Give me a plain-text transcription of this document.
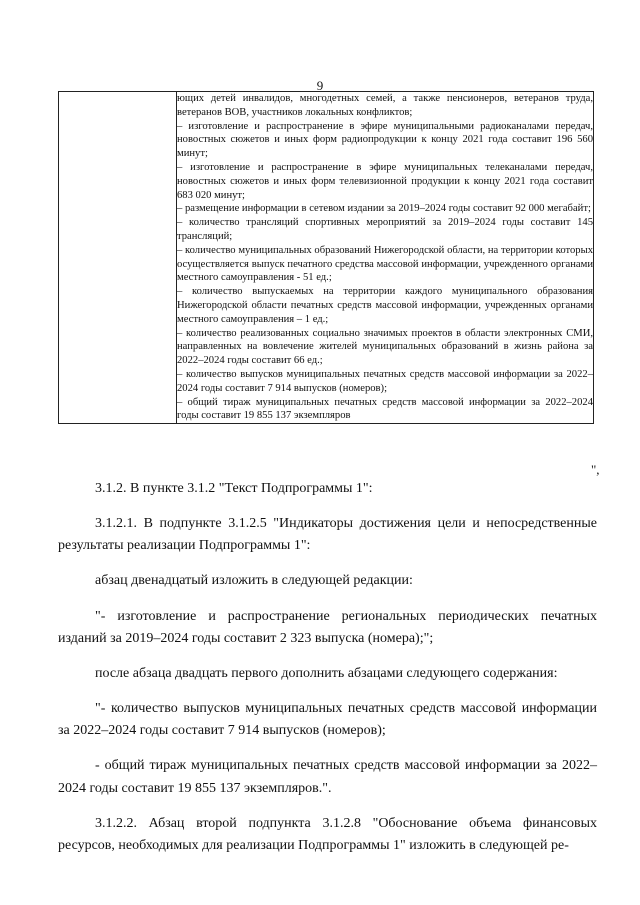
9

ющих детей инвалидов, многодетных семей, а также пенсионеров, ветеранов труда, ветеранов ВОВ, участников локальных конфликтов;
– изготовление и распространение в эфире муниципальными радиоканалами передач, новостных сюжетов и иных форм радиопродукции к концу 2021 года составит 196 560 минут;
– изготовление и распространение в эфире муниципальных телеканалами передач, новостных сюжетов и иных форм телевизионной продукции к концу 2021 года составит 683 020 минут;
– размещение информации в сетевом издании за 2019–2024 годы составит 92 000 мегабайт;
– количество трансляций спортивных мероприятий за 2019–2024 годы составит 145 трансляций;
– количество муниципальных образований Нижегородской области, на территории которых осуществляется выпуск печатного средства массовой информации, учрежденного органами местного самоуправления - 51 ед.;
– количество выпускаемых на территории каждого муниципального образования Нижегородской области печатных средств массовой информации, учрежденных органами местного самоуправления – 1 ед.;
– количество реализованных социально значимых проектов в области электронных СМИ, направленных на вовлечение жителей муниципальных образований в жизнь района за 2022–2024 годы составит 66 ед.;
– количество выпусков муниципальных печатных средств массовой информации за 2022–2024 годы составит 7 914 выпусков (номеров);
– общий тираж муниципальных печатных средств массовой информации за 2022–2024 годы составит 19 855 137 экземпляров
",

3.1.2. В пункте 3.1.2 "Текст Подпрограммы 1":

3.1.2.1. В подпункте 3.1.2.5 "Индикаторы достижения цели и непосредственные результаты реализации Подпрограммы 1":

абзац двенадцатый изложить в следующей редакции:

"- изготовление и распространение региональных периодических печатных изданий за 2019–2024 годы составит 2 323 выпуска (номера);";

после абзаца двадцать первого дополнить абзацами следующего содержания:

"- количество выпусков муниципальных печатных средств массовой информации за 2022–2024 годы составит 7 914 выпусков (номеров);

- общий тираж муниципальных печатных средств массовой информации за 2022–2024 годы составит 19 855 137 экземпляров.".

3.1.2.2. Абзац второй подпункта 3.1.2.8 "Обоснование объема финансовых ресурсов, необходимых для реализации Подпрограммы 1" изложить в следующей ре-
